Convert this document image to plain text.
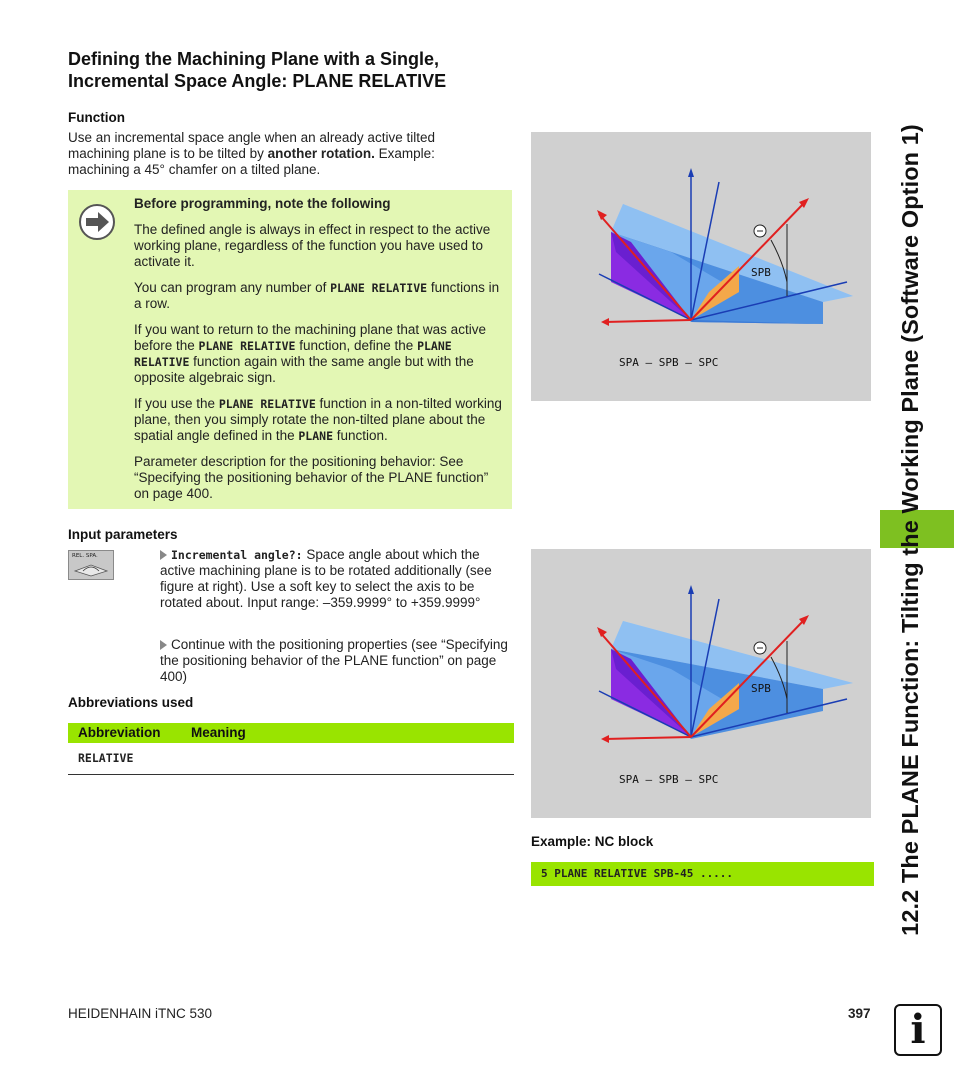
Defining the Machining Plane with a Single,
Incremental Space Angle: PLANE RELATIVE
Function
Use an incremental space angle when an already active tilted machining plane is to be tilted by another rotation. Example: machining a 45° chamfer on a tilted plane.

Before programming, note the following

The defined angle is always in effect in respect to the active working plane, regardless of the function you have used to activate it.

You can program any number of PLANE RELATIVE functions in a row.

If you want to return to the machining plane that was active before the PLANE RELATIVE function, define the PLANE RELATIVE function again with the same angle but with the opposite algebraic sign.

If you use the PLANE RELATIVE function in a non-tilted working plane, then you simply rotate the non-tilted plane about the spatial angle defined in the PLANE function.

Parameter description for the positioning behavior: See “Specifying the positioning behavior of the PLANE function” on page 400.

SPB
SPA – SPB – SPC
Input parameters
REL. SPA.	Incremental angle?: Space angle about which the active machining plane is to be rotated additionally (see figure at right). Use a soft key to select the axis to be rotated about. Input range: –359.9999° to +359.9999°
Continue with the positioning properties (see “Specifying the positioning behavior of the PLANE function” on page 400)
Abbreviations used
Abbreviation Meaning
RELATIVE
SPB
SPA – SPB – SPC
Example: NC block
5 PLANE RELATIVE SPB-45 .....	12.2 The PLANE Function: Tilting the Working Plane (Software Option 1)
HEIDENHAIN iTNC 530	397 i
